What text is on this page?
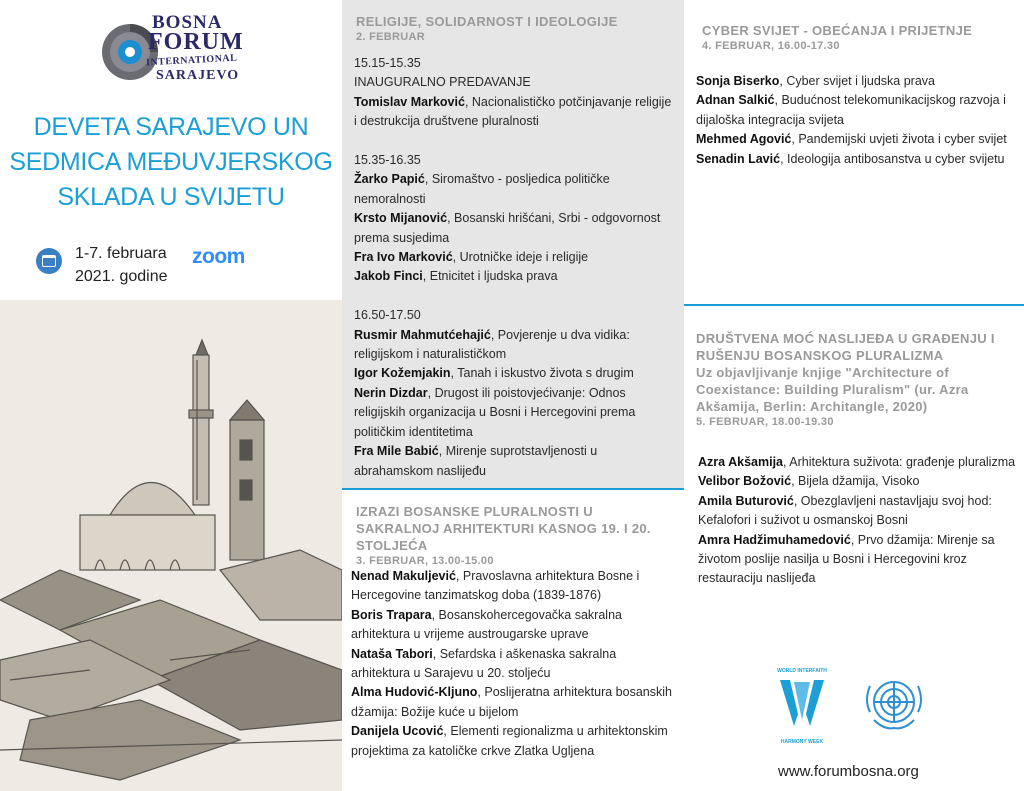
BOSNA
FORUM
INTERNATIONAL
SARAJEVO
DEVETA SARAJEVO UN SEDMICA MEĐUVJERSKOG SKLADA U SVIJETU
1-7. februara
2021. godine
zoom
RELIGIJE, SOLIDARNOST I IDEOLOGIJE
2. FEBRUAR
15.15-15.35
INAUGURALNO PREDAVANJE
Tomislav Marković, Nacionalističko potčinjavanje religije i destrukcija društvene pluralnosti
15.35-16.35
Žarko Papić, Siromaštvo - posljedica političke nemoralnosti
Krsto Mijanović, Bosanski hrišćani, Srbi - odgovornost prema susjedima
Fra Ivo Marković, Urotničke ideje i religije
Jakob Finci, Etnicitet i ljudska prava
16.50-17.50
Rusmir Mahmutćehajić, Povjerenje u dva vidika: religijskom i naturalističkom
Igor Kožemjakin, Tanah i iskustvo života s drugim
Nerin Dizdar, Drugost ili poistovjećivanje: Odnos religijskih organizacija u Bosni i Hercegovini prema političkim identitetima
Fra Mile Babić, Mirenje suprotstavljenosti u abrahamskom naslijeđu
IZRAZI BOSANSKE PLURALNOSTI U SAKRALNOJ ARHITEKTURI KASNOG 19. I 20. STOLJEĆA
3. FEBRUAR, 13.00-15.00
Nenad Makuljević, Pravoslavna arhitektura Bosne i Hercegovine tanzimatskog doba (1839-1876)
Boris Trapara, Bosanskohercegovačka sakralna arhitektura u vrijeme austrougarske uprave
Nataša Tabori, Sefardska i aškenaska sakralna arhitektura u Sarajevu u 20. stoljeću
Alma Hudović-Kljuno, Poslijeratna arhitektura bosanskih džamija: Božije kuće u bijelom
Danijela Ucović, Elementi regionalizma u arhitektonskim projektima za katoličke crkve Zlatka Ugljena
CYBER SVIJET - OBEĆANJA I PRIJETNJE
4. FEBRUAR, 16.00-17.30
Sonja Biserko, Cyber svijet i ljudska prava
Adnan Salkić, Budućnost telekomunikacijskog razvoja i dijaloška integracija svijeta
Mehmed Agović, Pandemijski uvjeti života i cyber svijet
Senadin Lavić, Ideologija antibosanstva u cyber svijetu
DRUŠTVENA MOĆ NASLIJEĐA U GRAĐENJU I RUŠENJU BOSANSKOG PLURALIZMA
Uz objavljivanje knjige "Architecture of Coexistance: Building Pluralism" (ur. Azra Akšamija, Berlin: Architangle, 2020)
5. FEBRUAR, 18.00-19.30
Azra Akšamija, Arhitektura suživota: građenje pluralizma
Velibor Božović, Bijela džamija, Visoko
Amila Buturović, Obezglavljeni nastavljaju svoj hod: Kefalofori i suživot u osmanskoj Bosni
Amra Hadžimuhamedović, Prvo džamija: Mirenje sa životom poslije nasilja u Bosni i Hercegovini kroz restauraciju naslijeđa
WORLD INTERFAITH
HARMONY WEEK
www.forumbosna.org
